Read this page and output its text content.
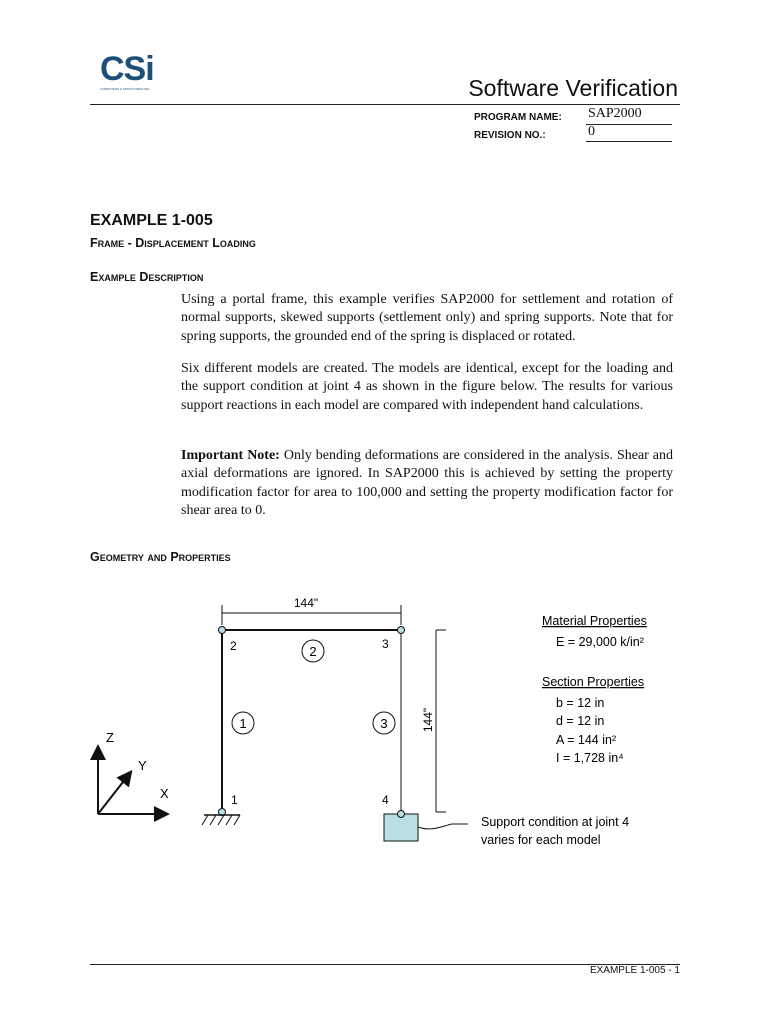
CSi
COMPUTERS & STRUCTURES INC.	Software Verification
PROGRAM NAME: SAP2000
REVISION NO.:	0
EXAMPLE 1-005
Frame - Displacement Loading
Example Description
Using a portal frame, this example verifies SAP2000 for settlement and rotation of normal supports, skewed supports (settlement only) and spring supports. Note that for spring supports, the grounded end of the spring is displaced or rotated.
Six different models are created. The models are identical, except for the loading and the support condition at joint 4 as shown in the figure below. The results for various support reactions in each model are compared with independent hand calculations.
Important Note: Only bending deformations are considered in the analysis. Shear and axial deformations are ignored. In SAP2000 this is achieved by setting the property modification factor for area to 100,000 and setting the property modification factor for shear area to 0.
Geometry and Properties
144"
2	3
1	4
2
1	3	144"
Z
Y
X
Material Properties
E = 29,000 k/in²
Section Properties
b = 12 in
d = 12 in
A = 144 in²
I = 1,728 in⁴
Support condition at joint 4
varies for each model
EXAMPLE 1-005 - 1
